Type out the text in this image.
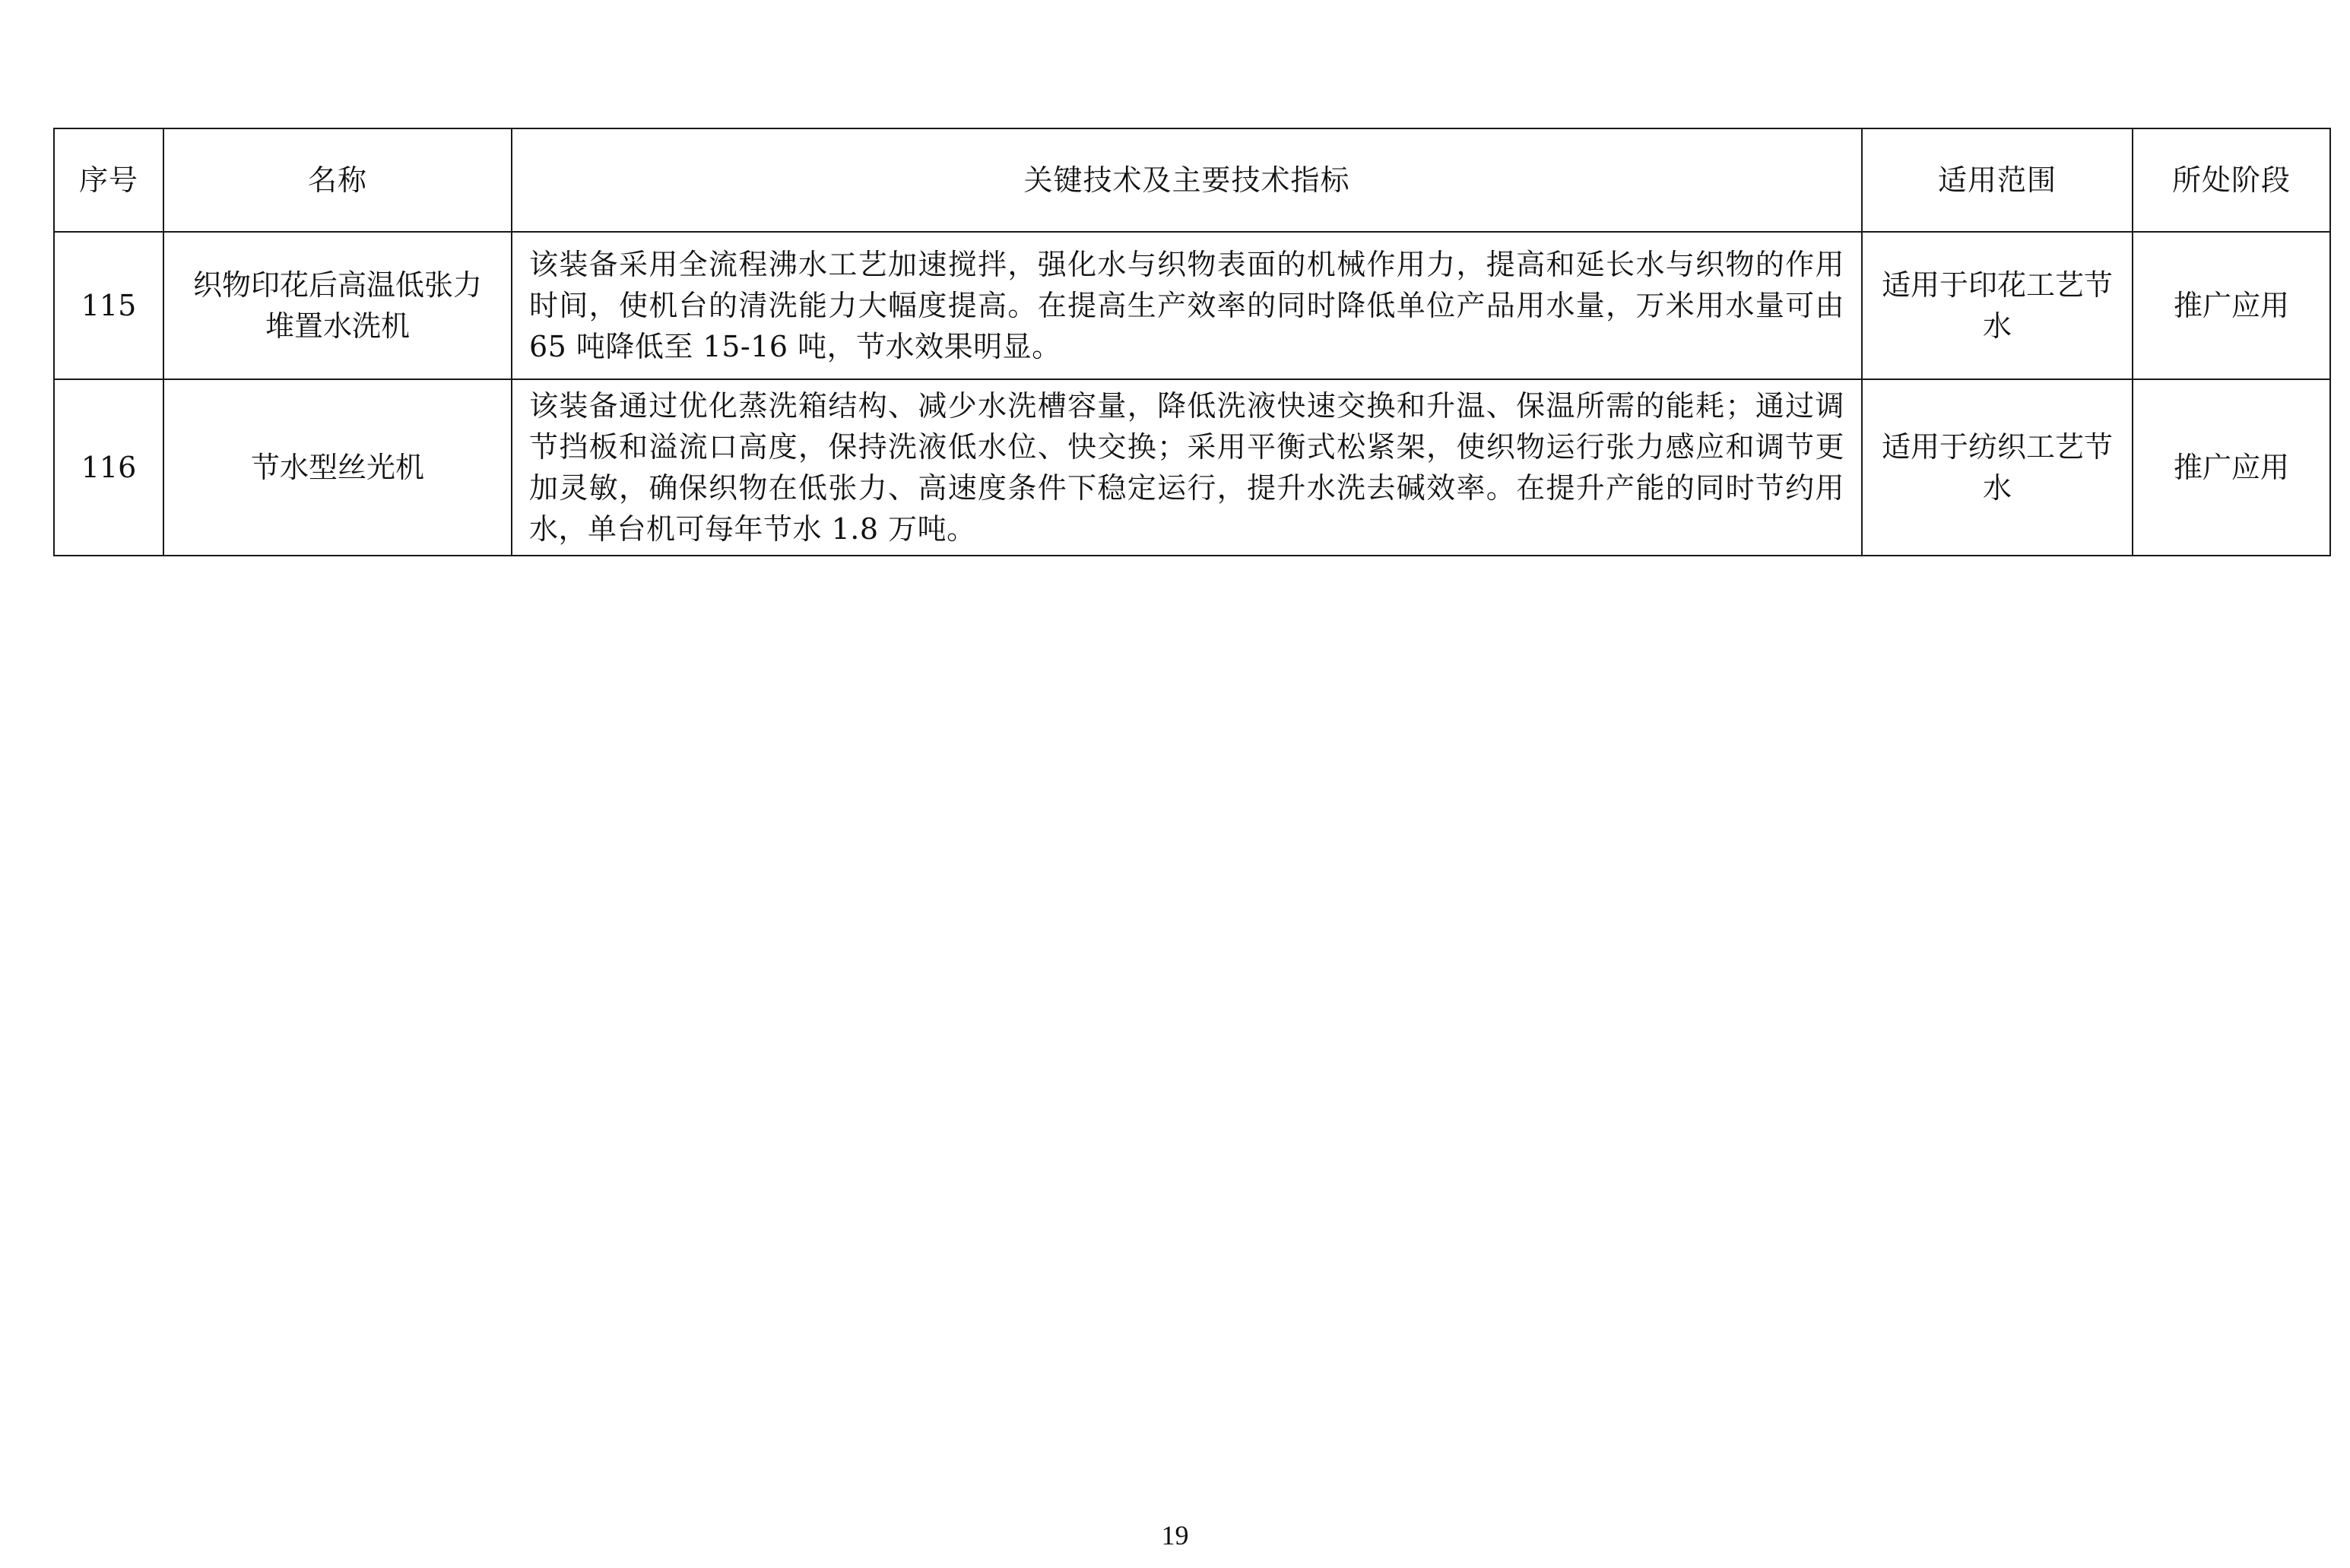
序号	名称	关键技术及主要技术指标	适用范围	所处阶段
115	织物印花后高温低张力堆置水洗机	该装备采用全流程沸水工艺加速搅拌，强化水与织物表面的机械作用力，提高和延长水与织物的作用时间，使机台的清洗能力大幅度提高。在提高生产效率的同时降低单位产品用水量，万米用水量可由 65 吨降低至 15-16 吨，节水效果明显。	适用于印花工艺节水	推广应用
116	节水型丝光机	该装备通过优化蒸洗箱结构、减少水洗槽容量，降低洗液快速交换和升温、保温所需的能耗；通过调节挡板和溢流口高度，保持洗液低水位、快交换；采用平衡式松紧架，使织物运行张力感应和调节更加灵敏，确保织物在低张力、高速度条件下稳定运行，提升水洗去碱效率。在提升产能的同时节约用水，单台机可每年节水 1.8 万吨。	适用于纺织工艺节水	推广应用
19
